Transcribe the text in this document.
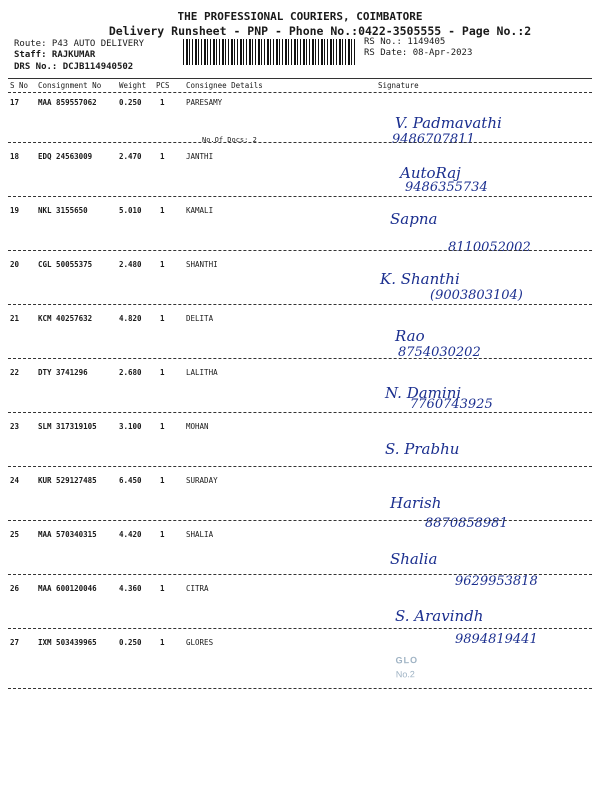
THE PROFESSIONAL COURIERS, COIMBATORE
Delivery Runsheet - PNP - Phone No.:0422-3505555 - Page No.:2
Route: P43 AUTO DELIVERY
Staff: RAJKUMAR
DRS No.: DCJB114940502
RS No.: 1149405
RS Date: 08-Apr-2023
S No Consignment No Weight PCS Consignee Details	Signature
17	MAA 859557062	0.250 1	PARESAMY
No.Of Docs: 2
V. Padmavathi
9486707811
18	EDQ 24563009	2.470 1	JANTHI
AutoRaj
9486355734
19	NKL 3155650	5.010 1	KAMALI	Sapna
8110052002
20	CGL 50055375	2.480 1	SHANTHI
K. Shanthi
(9003803104)
21	KCM 40257632	4.820 1	DELITA
Rao
8754030202
22	DTY 3741296	2.680 1	LALITHA
N. Damini
7760743925
23	SLM 317319105	3.100 1	MOHAN
S. Prabhu
24	KUR 529127485	6.450 1	SURADAY
Harish
8870858981
25	MAA 570340315	4.420 1	SHALIA
Shalia
9629953818
26	MAA 600120046	4.360 1	CITRA
S. Aravindh
9894819441
27	IXM 503439965	0.250 1	GLORES
GLO
No.2
